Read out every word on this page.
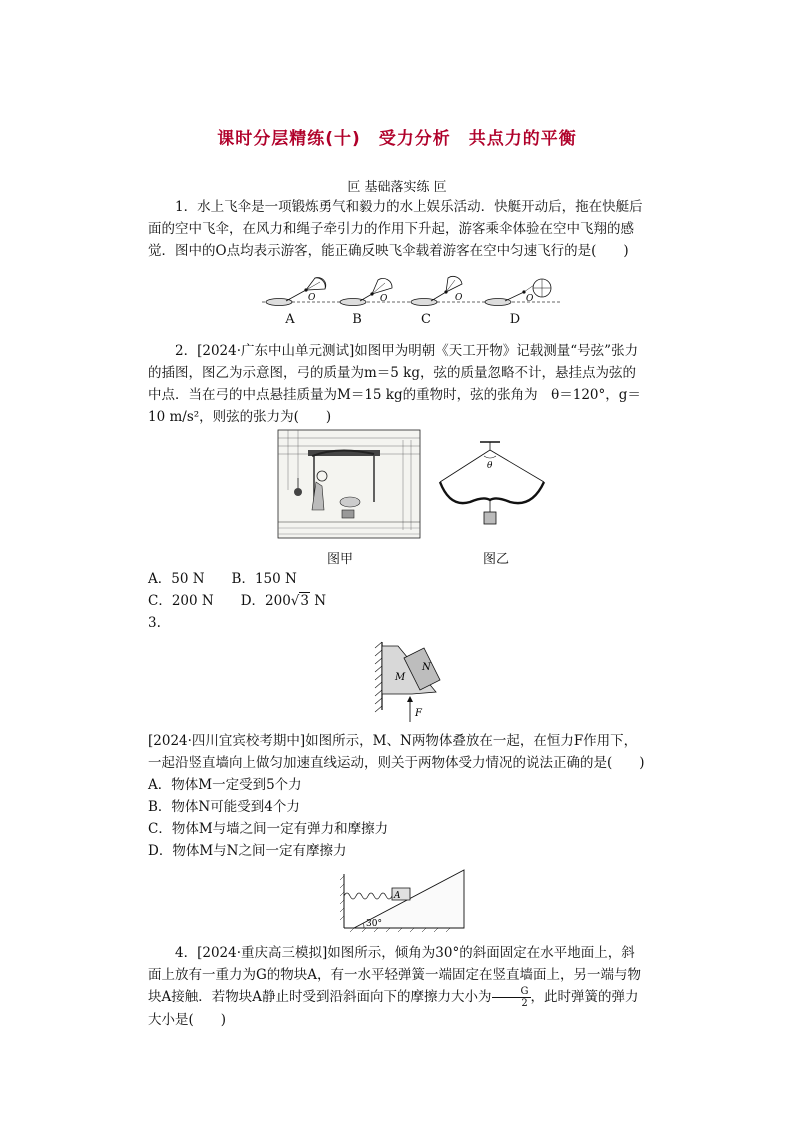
课时分层精练(十)　受力分析　共点力的平衡
叵 基础落实练 叵
1．水上飞伞是一项锻炼勇气和毅力的水上娱乐活动．快艇开动后，拖在快艇后面的空中飞伞，在风力和绳子牵引力的作用下升起，游客乘伞体验在空中飞翔的感觉．图中的O点均表示游客，能正确反映飞伞载着游客在空中匀速飞行的是(　　)
O	O	O	O
A	B	C	D
2．[2024·广东中山单元测试]如图甲为明朝《天工开物》记载测量“号弦”张力的插图，图乙为示意图，弓的质量为m＝5 kg，弦的质量忽略不计，悬挂点为弦的中点．当在弓的中点悬挂质量为M＝15 kg的重物时，弦的张角为　θ＝120°，g＝10 m/s²，则弦的张力为(　　)
θ
图甲	图乙
A．50 N　　 B．150 N
C．200 N　　 D．200√3 N
3.
M
N
F
[2024·四川宜宾校考期中]如图所示，M、N两物体叠放在一起，在恒力F作用下，一起沿竖直墙向上做匀加速直线运动，则关于两物体受力情况的说法正确的是(　　)
A．物体M一定受到5个力
B．物体N可能受到4个力
C．物体M与墙之间一定有弹力和摩擦力
D．物体M与N之间一定有摩擦力
A
30°
4．[2024·重庆高三模拟]如图所示，倾角为30°的斜面固定在水平地面上，斜面上放有一重力为G的物块A，有一水平轻弹簧一端固定在竖直墙面上，另一端与物块A接触．若物块A静止时受到沿斜面向下的摩擦力大小为 $\frac{G}{2}$ ，此时弹簧的弹力大小是(　　)
